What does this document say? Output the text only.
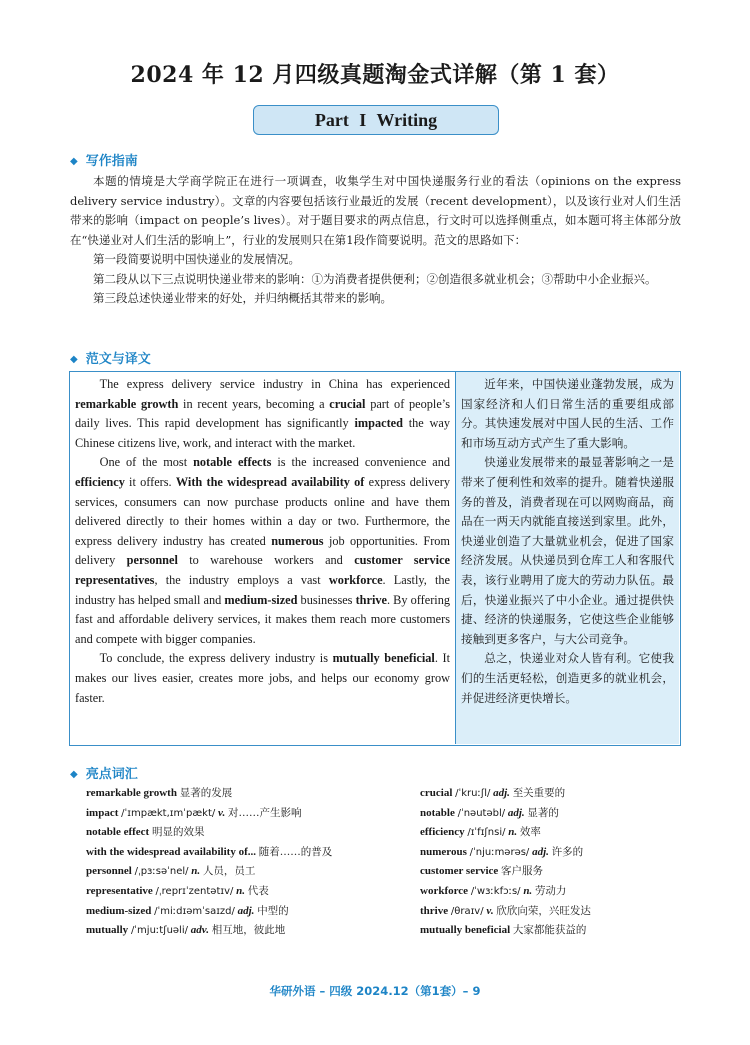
2024 年 12 月四级真题淘金式详解（第 1 套）
Part I Writing
◆ 写作指南

本题的情境是大学商学院正在进行一项调查，收集学生对中国快递服务行业的看法（opinions on the express delivery service industry）。文章的内容要包括该行业最近的发展（recent development），以及该行业对人们生活带来的影响（impact on people’s lives）。对于题目要求的两点信息，行文时可以选择侧重点，如本题可将主体部分放在“快递业对人们生活的影响上”，行业的发展则只在第1段作简要说明。范文的思路如下：

第一段简要说明中国快递业的发展情况。

第二段从以下三点说明快递业带来的影响：①为消费者提供便利；②创造很多就业机会；③帮助中小企业振兴。

第三段总述快递业带来的好处，并归纳概括其带来的影响。

◆ 范文与译文

The express delivery service industry in China has experienced remarkable growth in recent years, becoming a crucial part of people’s daily lives. This rapid development has significantly impacted the way Chinese citizens live, work, and interact with the market.

One of the most notable effects is the increased convenience and efficiency it offers. With the widespread availability of express delivery services, consumers can now purchase products online and have them delivered directly to their homes within a day or two. Furthermore, the express delivery industry has created numerous job opportunities. From delivery personnel to warehouse workers and customer service representatives, the industry employs a vast workforce. Lastly, the industry has helped small and medium-sized businesses thrive. By offering fast and affordable delivery services, it makes them reach more customers and compete with bigger companies.

To conclude, the express delivery industry is mutually beneficial. It makes our lives easier, creates more jobs, and helps our economy grow faster.

近年来，中国快递业蓬勃发展，成为国家经济和人们日常生活的重要组成部分。其快速发展对中国人民的生活、工作和市场互动方式产生了重大影响。

快递业发展带来的最显著影响之一是带来了便利性和效率的提升。随着快递服务的普及，消费者现在可以网购商品，商品在一两天内就能直接送到家里。此外，快递业创造了大量就业机会，促进了国家经济发展。从快递员到仓库工人和客服代表，该行业聘用了庞大的劳动力队伍。最后，快递业振兴了中小企业。通过提供快捷、经济的快递服务，它使这些企业能够接触到更多客户，与大公司竞争。

总之，快递业对众人皆有利。它使我们的生活更轻松，创造更多的就业机会，并促进经济更快增长。

◆ 亮点词汇
remarkable growth 显著的发展
impact /ˈɪmpækt,ɪmˈpækt/ v. 对……产生影响
notable effect 明显的效果
with the widespread availability of... 随着……的普及
personnel /ˌpɜːsəˈnel/ n. 人员，员工
representative /ˌreprɪˈzentətɪv/ n. 代表
medium-sized /ˈmiːdɪəmˈsaɪzd/ adj. 中型的
mutually /ˈmjuːtʃuəli/ adv. 相互地，彼此地
crucial /ˈkruːʃl/ adj. 至关重要的
notable /ˈnəutəbl/ adj. 显著的
efficiency /ɪˈfɪʃnsi/ n. 效率
numerous /ˈnjuːmərəs/ adj. 许多的
customer service 客户服务
workforce /ˈwɜːkfɔːs/ n. 劳动力
thrive /θraɪv/ v. 欣欣向荣，兴旺发达
mutually beneficial 大家都能获益的
华研外语 – 四级 2024.12（第1套）– 9
